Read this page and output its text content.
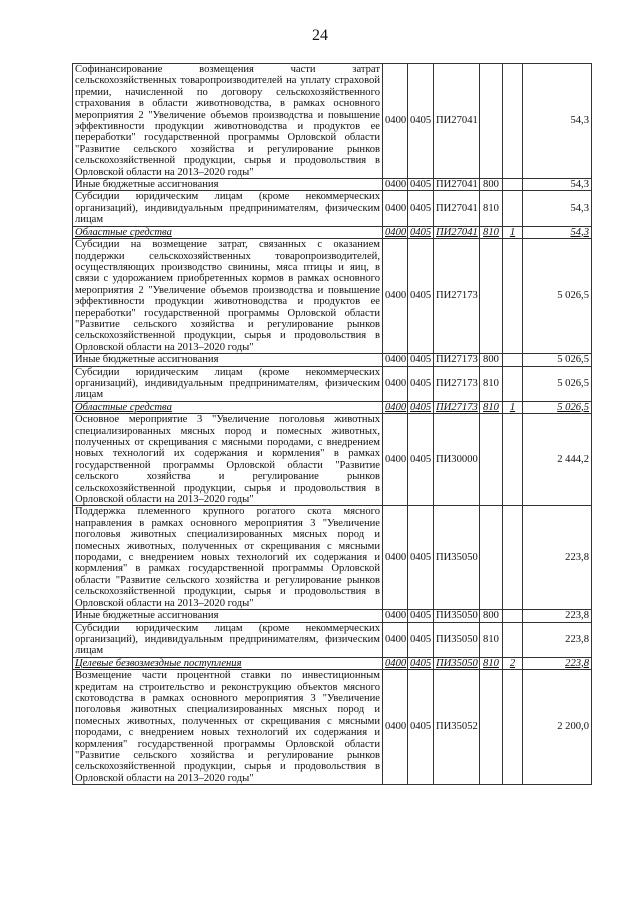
24
Софинансирование возмещения части затрат сельскохозяйственных товаропроизводителей на уплату страховой премии, начисленной по договору сельскохозяйственного страхования в области животноводства, в рамках основного мероприятия 2 "Увеличение объемов производства и повышение эффективности продукции животноводства и продуктов ее переработки" государственной программы Орловской области "Развитие сельского хозяйства и регулирование рынков сельскохозяйственной продукции, сырья и продовольствия в Орловской области на 2013–2020 годы"	0400	0405	ПИ27041			54,3
Иные бюджетные ассигнования	0400	0405	ПИ27041	800		54,3
Субсидии юридическим лицам (кроме некоммерческих организаций), индивидуальным предпринимателям, физическим лицам	0400	0405	ПИ27041	810		54,3
Областные средства	0400	0405	ПИ27041	810	1	54,3
Субсидии на возмещение затрат, связанных с оказанием поддержки сельскохозяйственных товаропроизводителей, осуществляющих производство свинины, мяса птицы и яиц, в связи с удорожанием приобретенных кормов в рамках основного мероприятия 2 "Увеличение объемов производства и повышение эффективности продукции животноводства и продуктов ее переработки" государственной программы Орловской области "Развитие сельского хозяйства и регулирование рынков сельскохозяйственной продукции, сырья и продовольствия в Орловской области на 2013–2020 годы"	0400	0405	ПИ27173			5 026,5
Иные бюджетные ассигнования	0400	0405	ПИ27173	800		5 026,5
Субсидии юридическим лицам (кроме некоммерческих организаций), индивидуальным предпринимателям, физическим лицам	0400	0405	ПИ27173	810		5 026,5
Областные средства	0400	0405	ПИ27173	810	1	5 026,5
Основное мероприятие 3 "Увеличение поголовья животных специализированных мясных пород и помесных животных, полученных от скрещивания с мясными породами, с внедрением новых технологий их содержания и кормления" в рамках государственной программы Орловской области "Развитие сельского хозяйства и регулирование рынков сельскохозяйственной продукции, сырья и продовольствия в Орловской области на 2013–2020 годы"	0400	0405	ПИ30000			2 444,2
Поддержка племенного крупного рогатого скота мясного направления в рамках основного мероприятия 3 "Увеличение поголовья животных специализированных мясных пород и помесных животных, полученных от скрещивания с мясными породами, с внедрением новых технологий их содержания и кормления" в рамках государственной программы Орловской области "Развитие сельского хозяйства и регулирование рынков сельскохозяйственной продукции, сырья и продовольствия в Орловской области на 2013–2020 годы"	0400	0405	ПИ35050			223,8
Иные бюджетные ассигнования	0400	0405	ПИ35050	800		223,8
Субсидии юридическим лицам (кроме некоммерческих организаций), индивидуальным предпринимателям, физическим лицам	0400	0405	ПИ35050	810		223,8
Целевые безвозмездные поступления	0400	0405	ПИ35050	810	2	223,8
Возмещение части процентной ставки по инвестиционным кредитам на строительство и реконструкцию объектов мясного скотоводства в рамках основного мероприятия 3 "Увеличение поголовья животных специализированных мясных пород и помесных животных, полученных от скрещивания с мясными породами, с внедрением новых технологий их содержания и кормления" государственной программы Орловской области "Развитие сельского хозяйства и регулирование рынков сельскохозяйственной продукции, сырья и продовольствия в Орловской области на 2013–2020 годы"	0400	0405	ПИ35052			2 200,0
